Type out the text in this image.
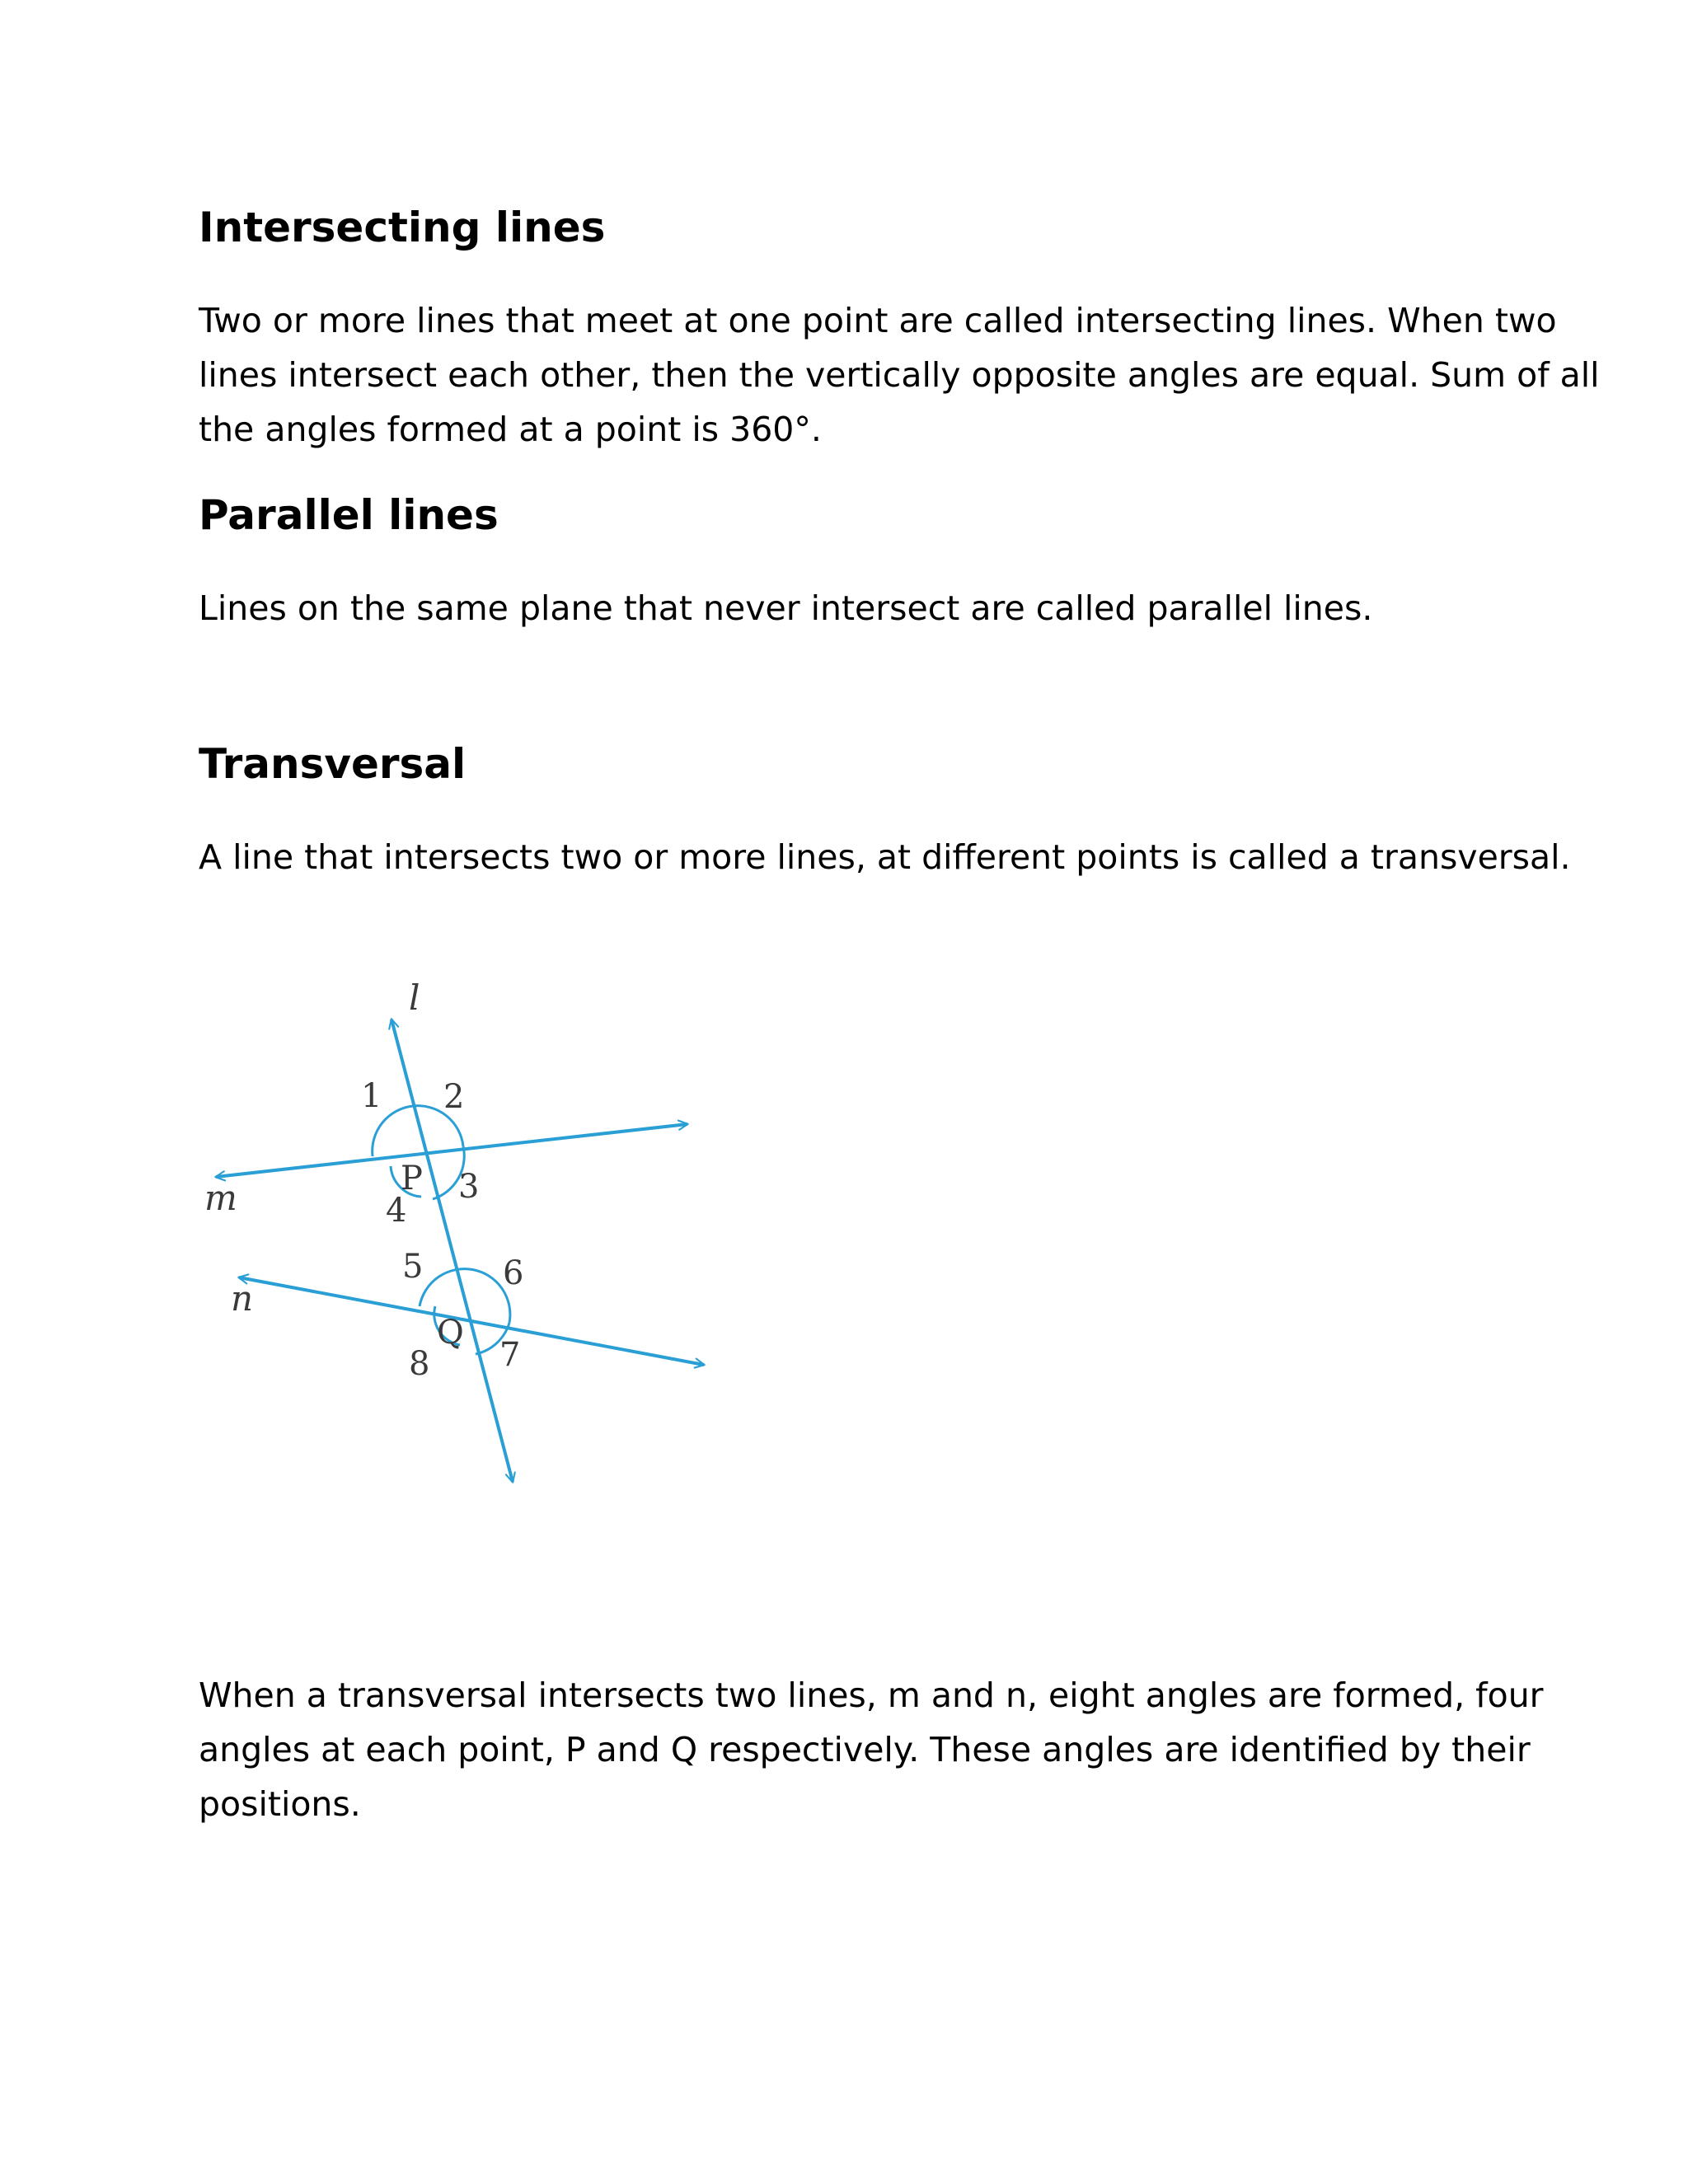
Intersecting lines

Two or more lines that meet at one point are called intersecting lines. When two
lines intersect each other, then the vertically opposite angles are equal. Sum of all
the angles formed at a point is 360°.

Parallel lines

Lines on the same plane that never intersect are called parallel lines.

Transversal

A line that intersects two or more lines, at different points is called a transversal.

l
m
n
P
Q
1 2
3
4
5 6
7
8

When a transversal intersects two lines, m and n, eight angles are formed, four
angles at each point, P and Q respectively. These angles are identified by their
positions.
